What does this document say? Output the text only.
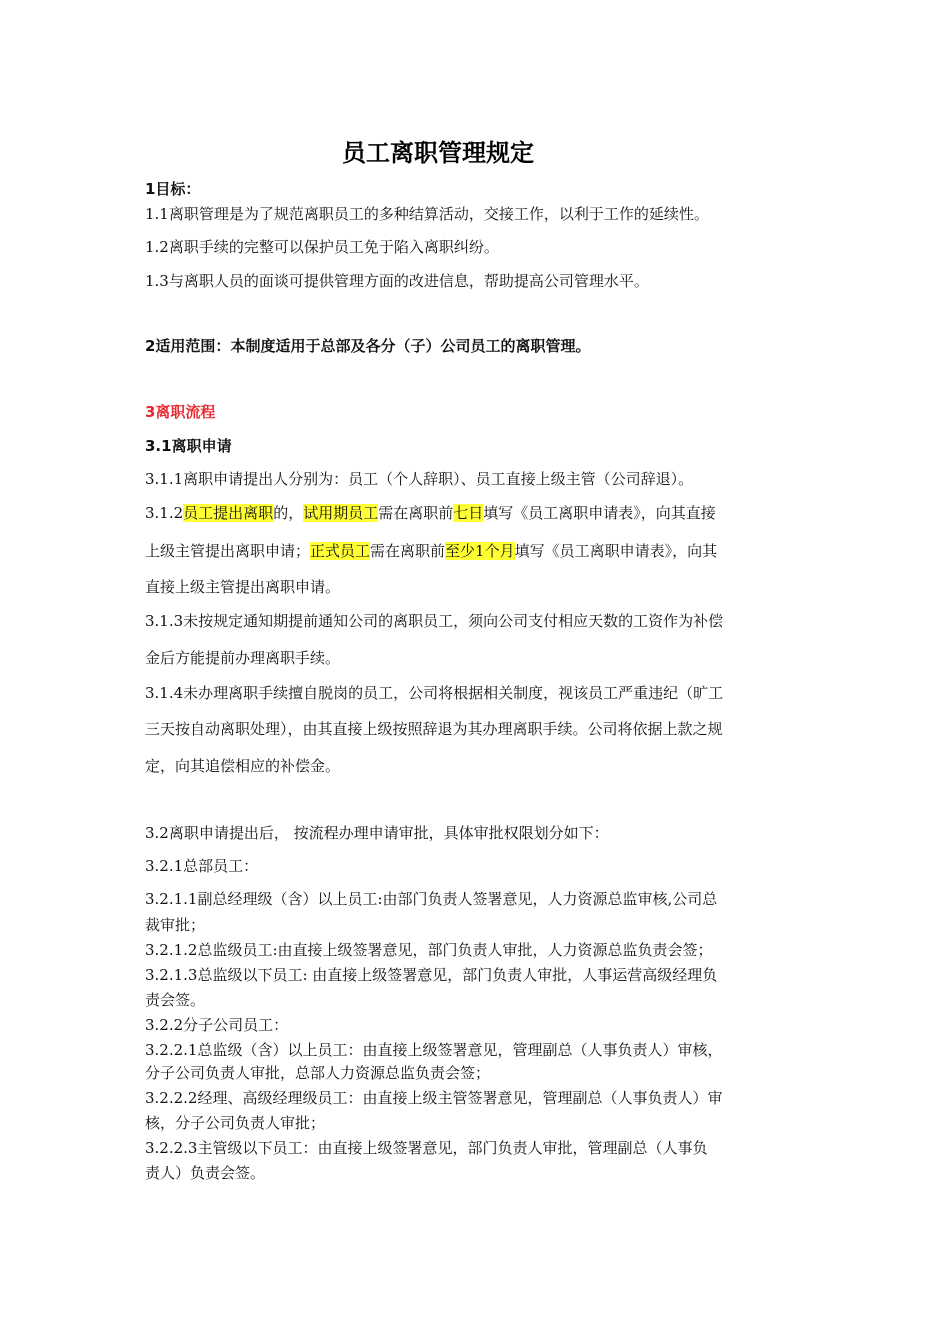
员工离职管理规定

1目标：

1.1离职管理是为了规范离职员工的多种结算活动，交接工作，以利于工作的延续性。

1.2离职手续的完整可以保护员工免于陷入离职纠纷。

1.3与离职人员的面谈可提供管理方面的改进信息，帮助提高公司管理水平。

2适用范围：本制度适用于总部及各分（子）公司员工的离职管理。

3离职流程

3.1离职申请

3.1.1离职申请提出人分别为：员工（个人辞职）、员工直接上级主管（公司辞退）。

3.1.2员工提出离职的，试用期员工需在离职前七日填写《员工离职申请表》，向其直接

上级主管提出离职申请；正式员工需在离职前至少1个月填写《员工离职申请表》，向其

直接上级主管提出离职申请。

3.1.3未按规定通知期提前通知公司的离职员工，须向公司支付相应天数的工资作为补偿

金后方能提前办理离职手续。

3.1.4未办理离职手续擅自脱岗的员工，公司将根据相关制度，视该员工严重违纪（旷工

三天按自动离职处理），由其直接上级按照辞退为其办理离职手续。公司将依据上款之规

定，向其追偿相应的补偿金。

3.2离职申请提出后， 按流程办理申请审批，具体审批权限划分如下：

3.2.1总部员工：

3.2.1.1副总经理级（含）以上员工:由部门负责人签署意见，人力资源总监审核,公司总

裁审批；

3.2.1.2总监级员工:由直接上级签署意见，部门负责人审批，人力资源总监负责会签；

3.2.1.3总监级以下员工: 由直接上级签署意见，部门负责人审批，人事运营高级经理负

责会签。

3.2.2分子公司员工：

3.2.2.1总监级（含）以上员工：由直接上级签署意见，管理副总（人事负责人）审核，

分子公司负责人审批，总部人力资源总监负责会签；

3.2.2.2经理、高级经理级员工：由直接上级主管签署意见，管理副总（人事负责人）审

核，分子公司负责人审批；

3.2.2.3主管级以下员工：由直接上级签署意见，部门负责人审批，管理副总（人事负

责人）负责会签。
